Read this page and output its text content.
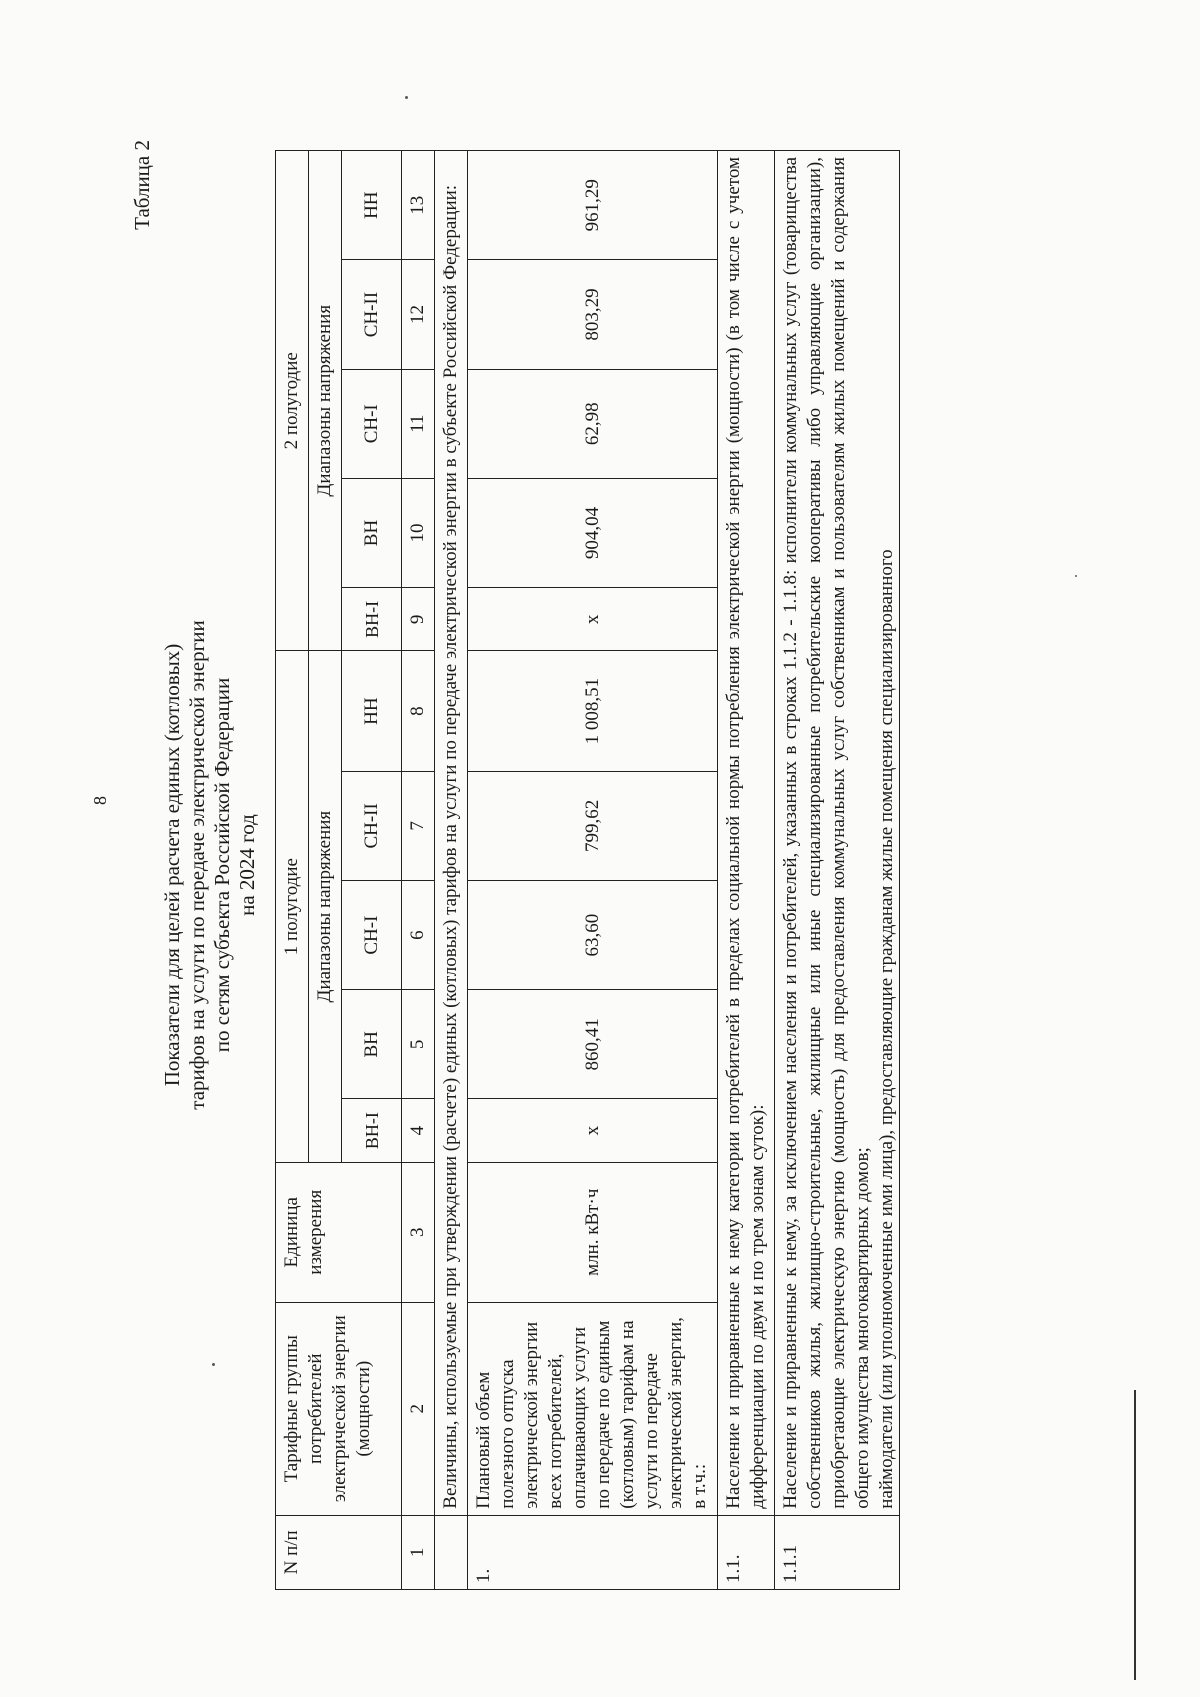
8
Таблица 2
Показатели для целей расчета единых (котловых) тарифов на услуги по передаче электрической энергии по сетям субъекта Российской Федерации на 2024 год
N п/п	Тарифные группы потребителей электрической энергии (мощности)	Единица измерения	1 полугодие					2 полугодие				
			Диапазоны напряжения					Диапазоны напряжения				
			ВН-I	ВН	СН-I	СН-II	НН	ВН-I	ВН	СН-I	СН-II	НН
1	2	3	4	5	6	7	8	9	10	11	12	13
	Величины, используемые при утверждении (расчете) единых (котловых) тарифов на услуги по передаче электрической энергии в субъекте Российской Федерации:											
1.	Плановый объем полезного отпуска электрической энергии всех потребителей, оплачивающих услуги по передаче по единым (котловым) тарифам на услуги по передаче электрической энергии, в т.ч.:	млн. кВт·ч	x	860,41	63,60	799,62	1 008,51	x	904,04	62,98	803,29	961,29
1.1.	Население и приравненные к нему категории потребителей в пределах социальной нормы потребления электрической энергии (мощности) (в том числе с учетом дифференциации по двум и по трем зонам суток):											
1.1.1	Население и приравненные к нему, за исключением населения и потребителей, указанных в строках 1.1.2 - 1.1.8: исполнители коммунальных услуг (товарищества собственников жилья, жилищно-строительные, жилищные или иные специализированные потребительские кооперативы либо управляющие организации), приобретающие электрическую энергию (мощность) для предоставления коммунальных услуг собственникам и пользователям жилых помещений и содержания общего имущества многоквартирных домов; наймодатели (или уполномоченные ими лица), предоставляющие гражданам жилые помещения специализированного											
